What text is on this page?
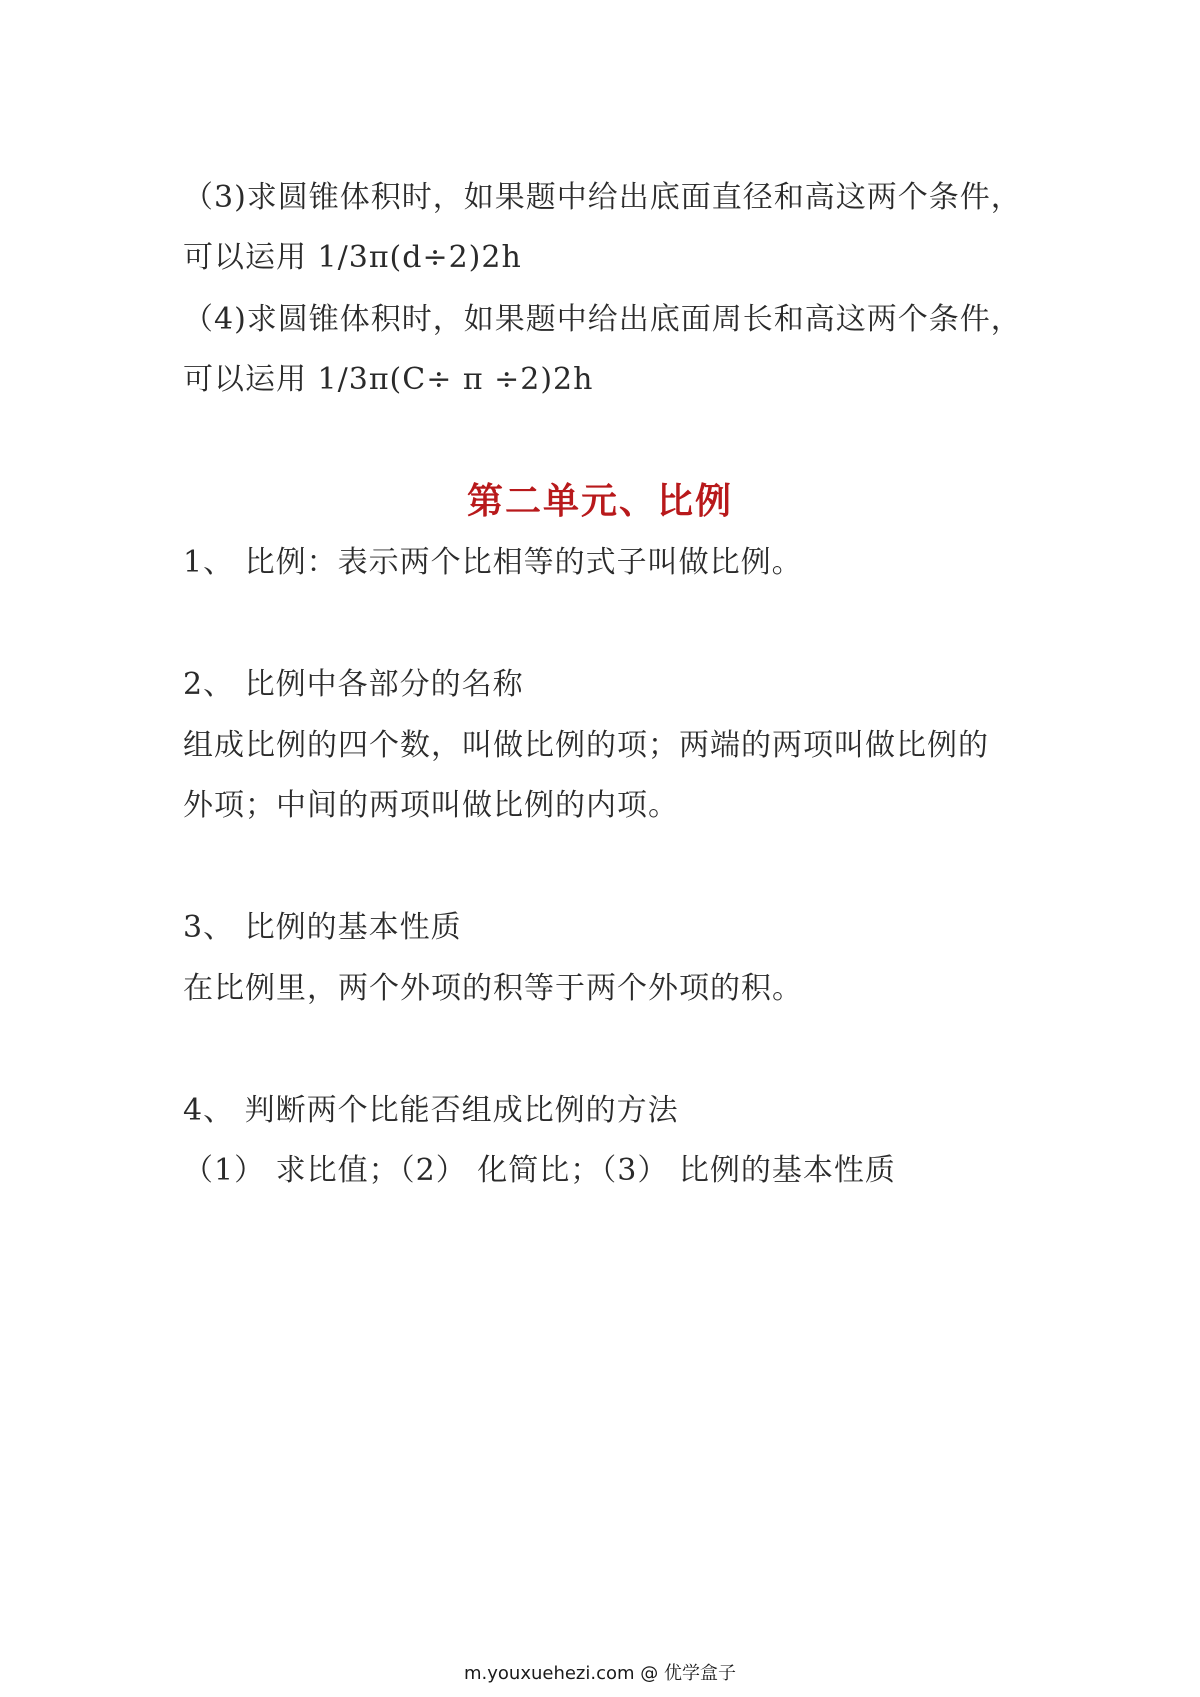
（3)求圆锥体积时，如果题中给出底面直径和高这两个条件，
可以运用 1/3π(d÷2)2h
（4)求圆锥体积时，如果题中给出底面周长和高这两个条件，
可以运用 1/3π(C÷ π ÷2)2h
第二单元、比例
1、 比例：表示两个比相等的式子叫做比例。
2、 比例中各部分的名称
组成比例的四个数，叫做比例的项；两端的两项叫做比例的
外项；中间的两项叫做比例的内项。
3、 比例的基本性质
在比例里，两个外项的积等于两个外项的积。
4、 判断两个比能否组成比例的方法
（1） 求比值；（2） 化简比；（3） 比例的基本性质
m.youxuehezi.com @ 优学盒子
